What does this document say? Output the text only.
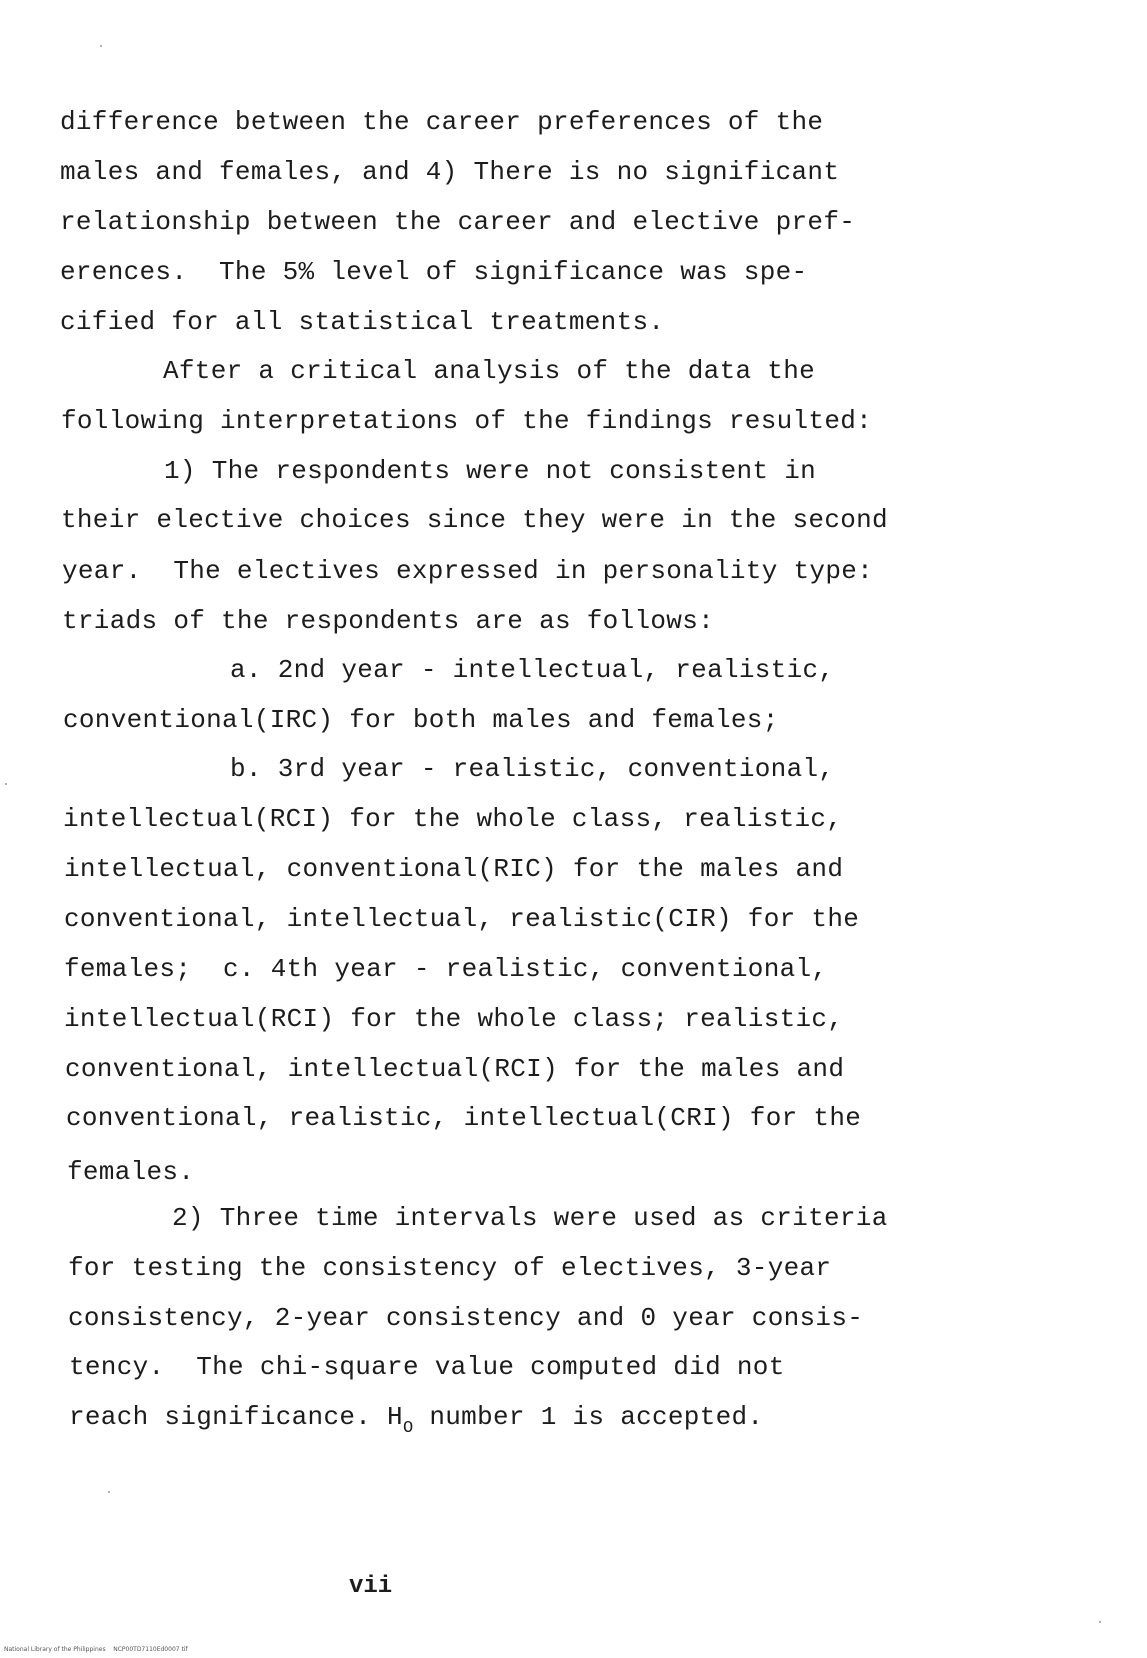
difference between the career preferences of the
males and females, and 4) There is no significant
relationship between the career and elective pref-
erences.  The 5% level of significance was spe-
cified for all statistical treatments.
After a critical analysis of the data the
following interpretations of the findings resulted:
1) The respondents were not consistent in
their elective choices since they were in the second
year.  The electives expressed in personality type:
triads of the respondents are as follows:
a. 2nd year - intellectual, realistic,
conventional(IRC) for both males and females;
b. 3rd year - realistic, conventional,
intellectual(RCI) for the whole class, realistic,
intellectual, conventional(RIC) for the males and
conventional, intellectual, realistic(CIR) for the
females;  c. 4th year - realistic, conventional,
intellectual(RCI) for the whole class; realistic,
conventional, intellectual(RCI) for the males and
conventional, realistic, intellectual(CRI) for the
females.
2) Three time intervals were used as criteria
for testing the consistency of electives, 3-year
consistency, 2-year consistency and 0 year consis-
tency.  The chi-square value computed did not
reach significance. $H_O$ number 1 is accepted.
vii
National Library of the Philippines NCP00TD7110Ed0007 tif
